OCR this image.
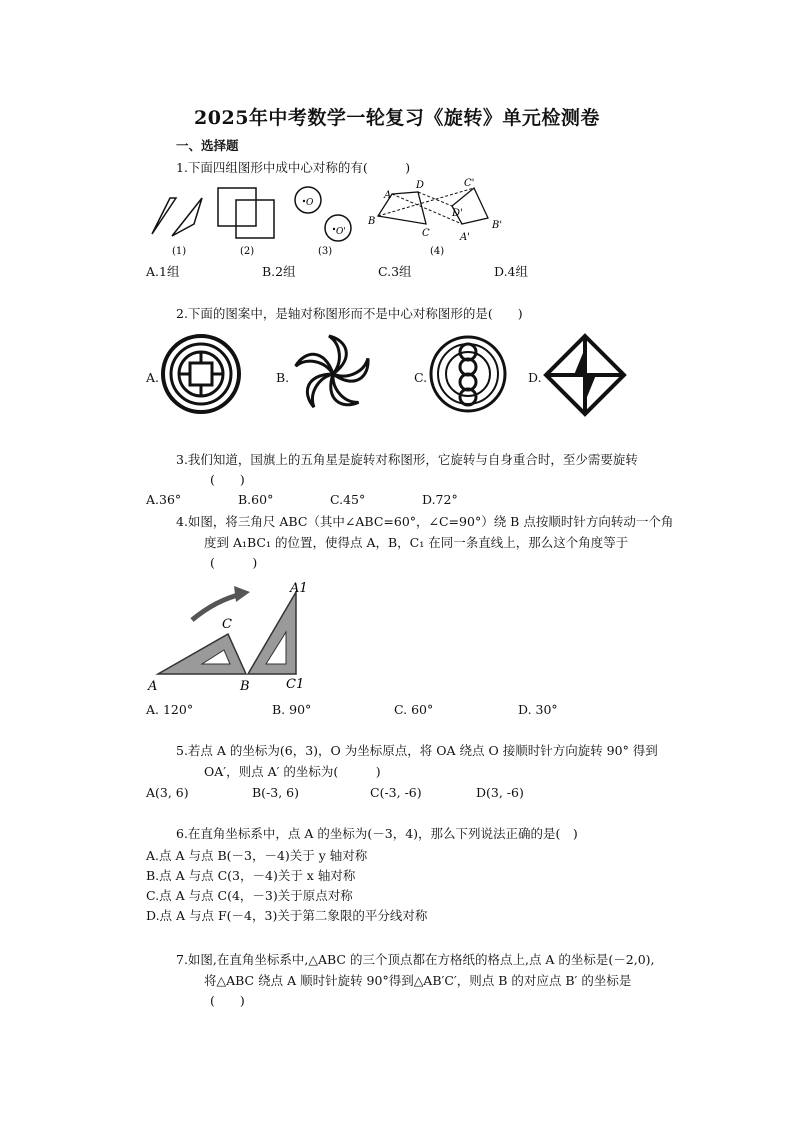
2025年中考数学一轮复习《旋转》单元检测卷
一、选择题
1.下面四组图形中成中心对称的有(　　　)
(1)	(2)
O
O'
(3)
A
B
C
D
A'
B'
C'
D'
(4)
A.1组	B.2组	C.3组	D.4组
2.下面的图案中，是轴对称图形而不是中心对称图形的是(　　)
A.	B.	C.	D.
3.我们知道，国旗上的五角星是旋转对称图形，它旋转与自身重合时，至少需要旋转
(　　)
A.36°	B.60°	C.45°	D.72°
4.如图，将三角尺 ABC（其中∠ABC=60°，∠C=90°）绕 B 点按顺时针方向转动一个角
度到 A₁BC₁ 的位置，使得点 A，B，C₁ 在同一条直线上，那么这个角度等于
(　　　)
A	B
C
A1
C1
A. 120°	B. 90°	C. 60°	D. 30°
5.若点 A 的坐标为(6，3)，O 为坐标原点，将 OA 绕点 O 接顺时针方向旋转 90° 得到
OA′，则点 A′ 的坐标为(　　　)
A(3, 6)	B(-3, 6)	C(-3, -6)	D(3, -6)
6.在直角坐标系中，点 A 的坐标为(－3，4)，那么下列说法正确的是(　)
A.点 A 与点 B(－3，－4)关于 y 轴对称
B.点 A 与点 C(3，－4)关于 x 轴对称
C.点 A 与点 C(4，－3)关于原点对称
D.点 A 与点 F(－4，3)关于第二象限的平分线对称
7.如图,在直角坐标系中,△ABC 的三个顶点都在方格纸的格点上,点 A 的坐标是(－2,0),
将△ABC 绕点 A 顺时针旋转 90°得到△AB′C′，则点 B 的对应点 B′ 的坐标是
(　　)
